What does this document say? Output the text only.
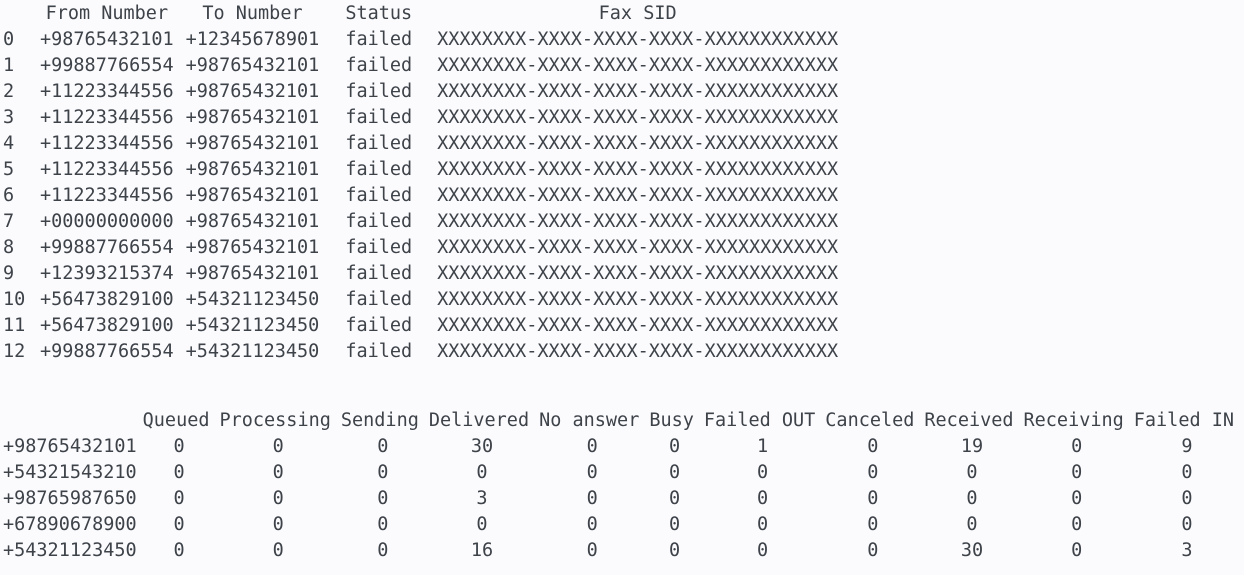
	From Number	To Number	Status	Fax SID
0	+98765432101	+12345678901	failed	XXXXXXXX-XXXX-XXXX-XXXX-XXXXXXXXXXXX
1	+99887766554	+98765432101	failed	XXXXXXXX-XXXX-XXXX-XXXX-XXXXXXXXXXXX
2	+11223344556	+98765432101	failed	XXXXXXXX-XXXX-XXXX-XXXX-XXXXXXXXXXXX
3	+11223344556	+98765432101	failed	XXXXXXXX-XXXX-XXXX-XXXX-XXXXXXXXXXXX
4	+11223344556	+98765432101	failed	XXXXXXXX-XXXX-XXXX-XXXX-XXXXXXXXXXXX
5	+11223344556	+98765432101	failed	XXXXXXXX-XXXX-XXXX-XXXX-XXXXXXXXXXXX
6	+11223344556	+98765432101	failed	XXXXXXXX-XXXX-XXXX-XXXX-XXXXXXXXXXXX
7	+00000000000	+98765432101	failed	XXXXXXXX-XXXX-XXXX-XXXX-XXXXXXXXXXXX
8	+99887766554	+98765432101	failed	XXXXXXXX-XXXX-XXXX-XXXX-XXXXXXXXXXXX
9	+12393215374	+98765432101	failed	XXXXXXXX-XXXX-XXXX-XXXX-XXXXXXXXXXXX
10	+56473829100	+54321123450	failed	XXXXXXXX-XXXX-XXXX-XXXX-XXXXXXXXXXXX
11	+56473829100	+54321123450	failed	XXXXXXXX-XXXX-XXXX-XXXX-XXXXXXXXXXXX
12	+99887766554	+54321123450	failed	XXXXXXXX-XXXX-XXXX-XXXX-XXXXXXXXXXXX
	Queued	Processing	Sending	Delivered	No answer	Busy	Failed OUT	Canceled	Received	Receiving	Failed IN
+98765432101	0	0	0	30	0	0	1	0	19	0	9
+54321543210	0	0	0	0	0	0	0	0	0	0	0
+98765987650	0	0	0	3	0	0	0	0	0	0	0
+67890678900	0	0	0	0	0	0	0	0	0	0	0
+54321123450	0	0	0	16	0	0	0	0	30	0	3
